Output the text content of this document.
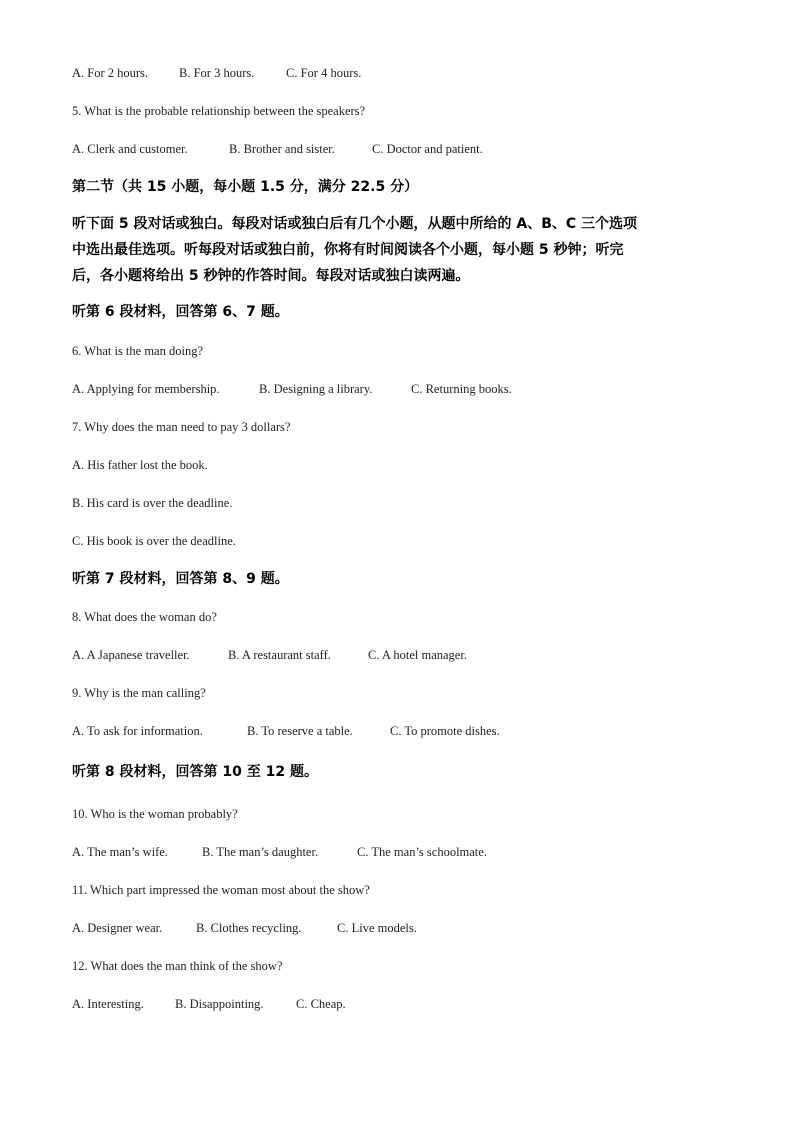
A. For 2 hours. B. For 3 hours.	C. For 4 hours.
5. What is the probable relationship between the speakers?
A. Clerk and customer.	B. Brother and sister.	C. Doctor and patient.
第二节（共 15 小题，每小题 1.5 分，满分 22.5 分）
听下面 5 段对话或独白。每段对话或独白后有几个小题，从题中所给的 A、B、C 三个选项
中选出最佳选项。听每段对话或独白前，你将有时间阅读各个小题，每小题 5 秒钟；听完
后，各小题将给出 5 秒钟的作答时间。每段对话或独白读两遍。
听第 6 段材料，回答第 6、7 题。
6. What is the man doing?
A. Applying for membership.	B. Designing a library.	C. Returning books.
7. Why does the man need to pay 3 dollars?
A. His father lost the book.
B. His card is over the deadline.
C. His book is over the deadline.
听第 7 段材料，回答第 8、9 题。
8. What does the woman do?
A. A Japanese traveller.	B. A restaurant staff.	C. A hotel manager.
9. Why is the man calling?
A. To ask for information.	B. To reserve a table.	C. To promote dishes.
听第 8 段材料，回答第 10 至 12 题。
10. Who is the woman probably?
A. The man’s wife.	B. The man’s daughter.	C. The man’s schoolmate.
11. Which part impressed the woman most about the show?
A. Designer wear.	B. Clothes recycling.	C. Live models.
12. What does the man think of the show?
A. Interesting. B. Disappointing.	C. Cheap.
